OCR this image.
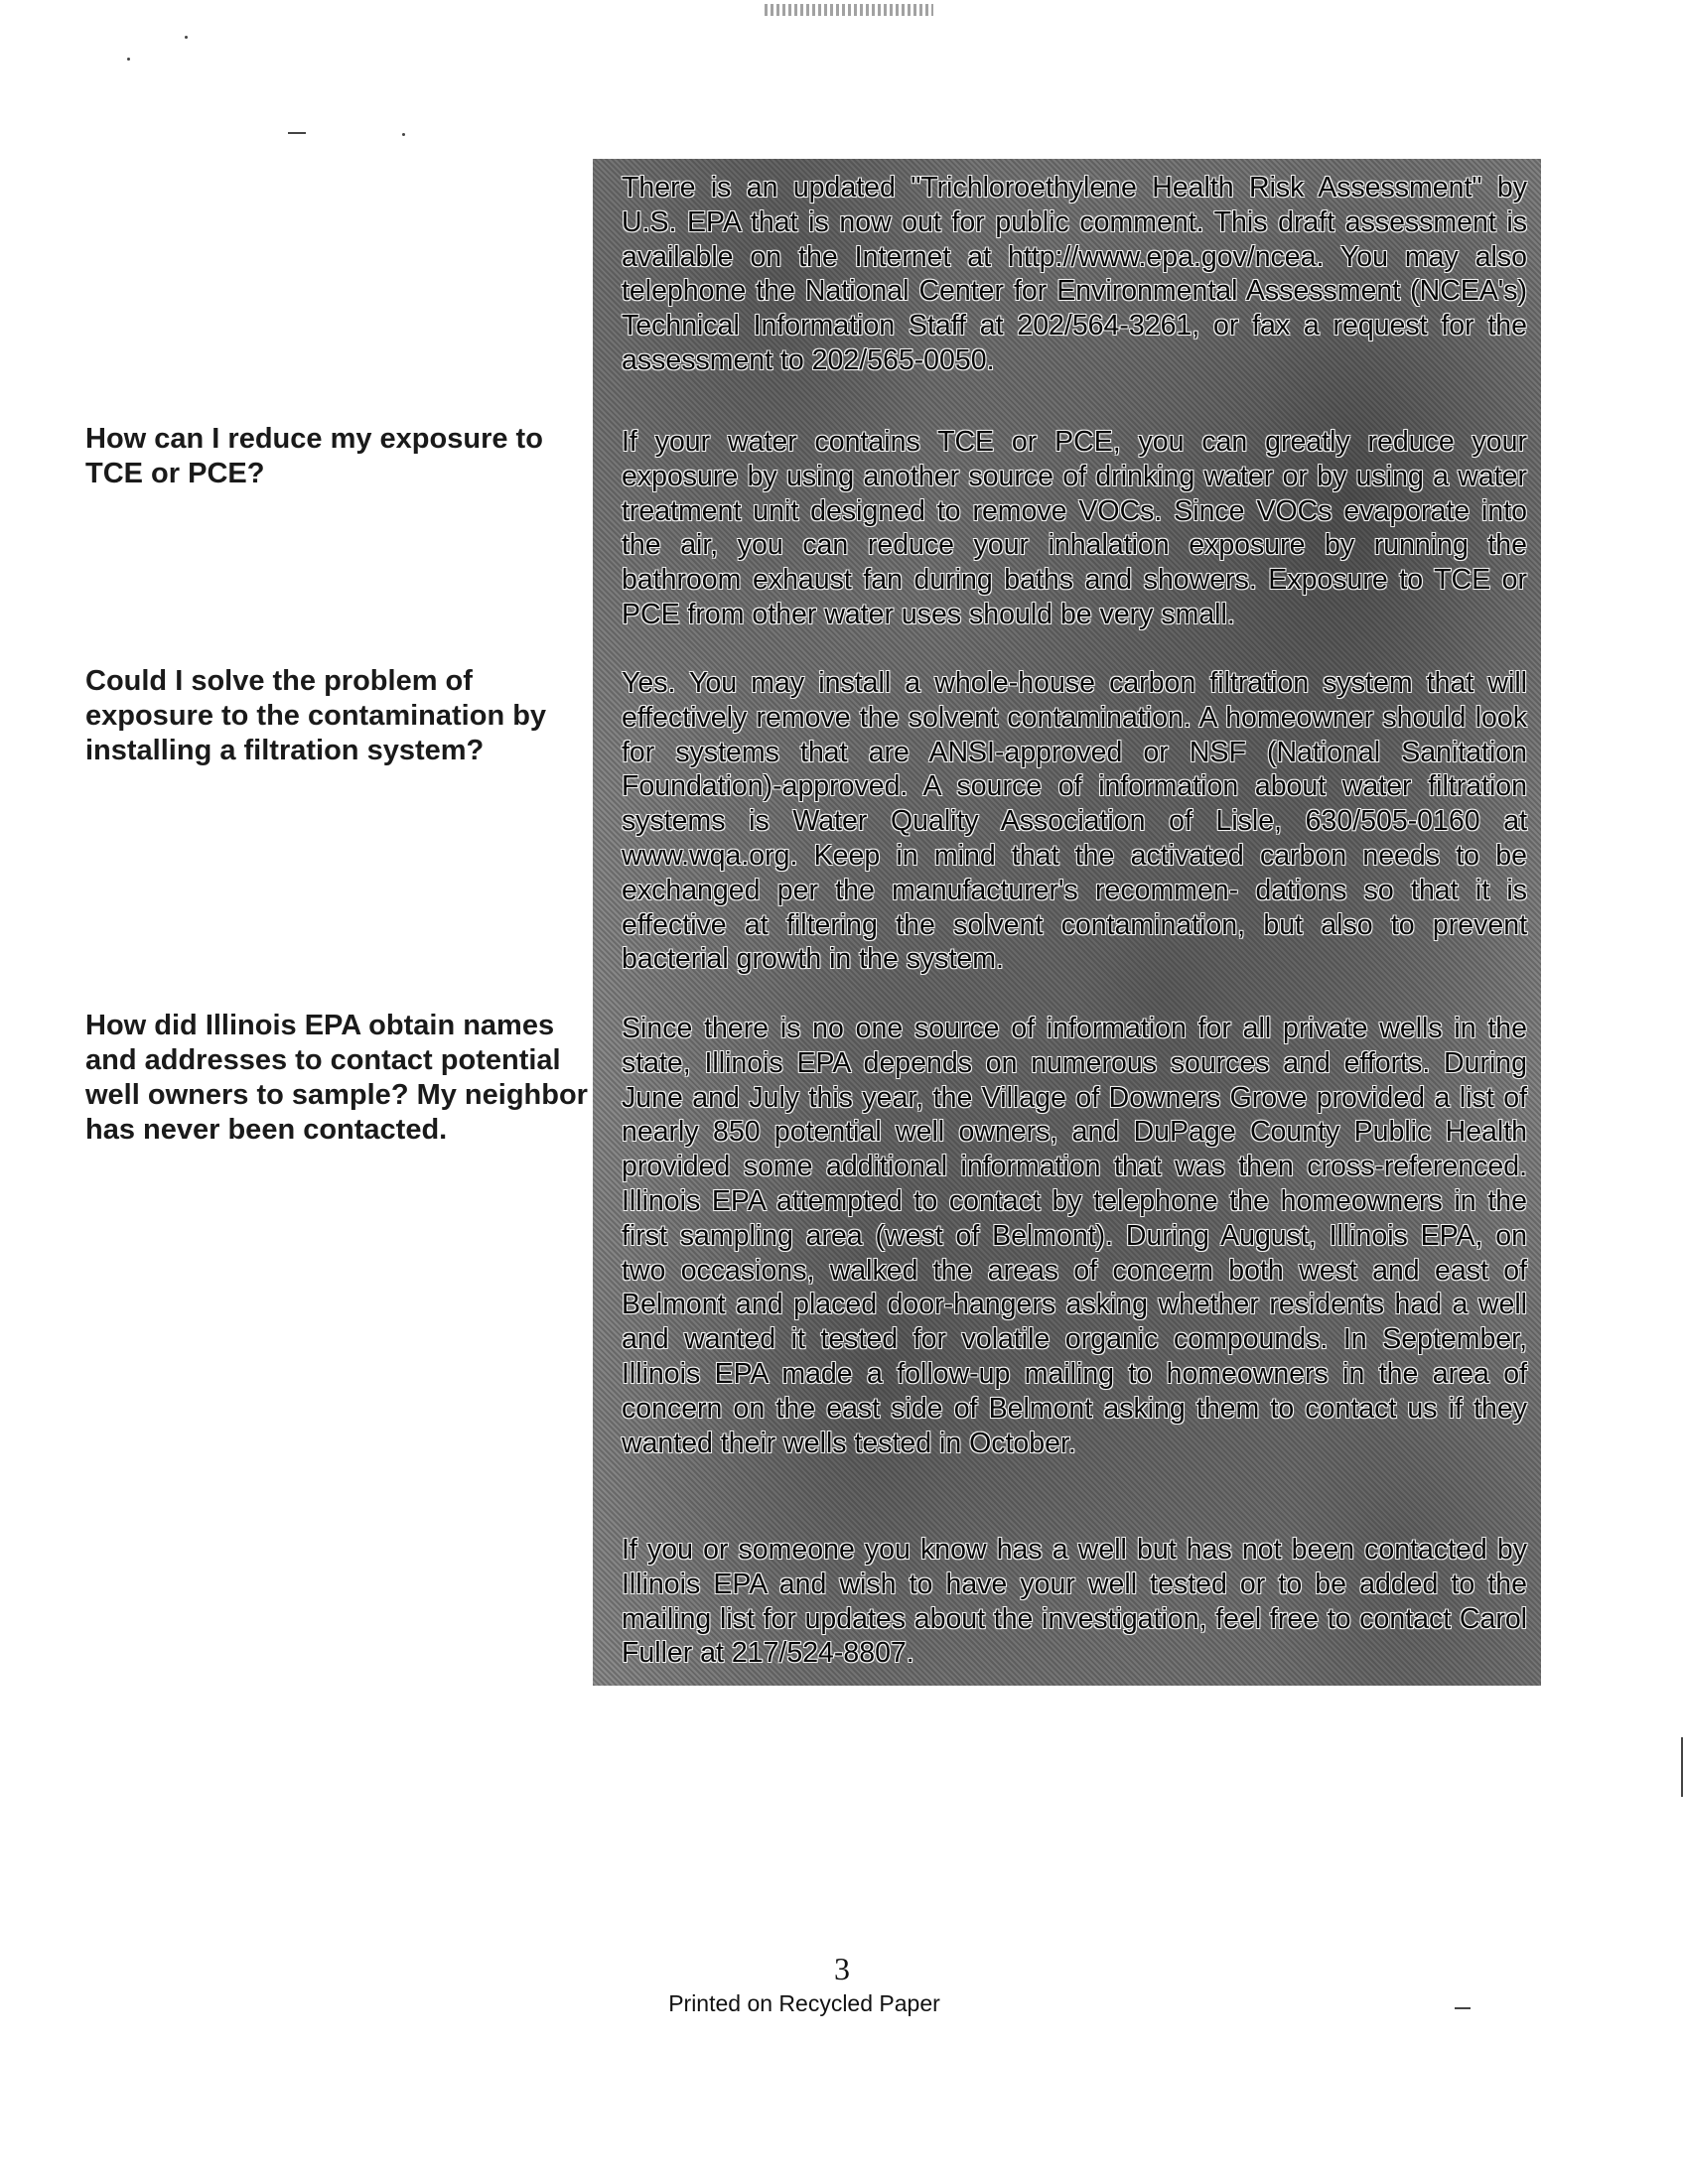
How can I reduce my exposure to TCE or PCE?
Could I solve the problem of exposure to the contamination by installing a filtration system?
How did Illinois EPA obtain names and addresses to contact potential well owners to sample? My neighbor has never been contacted.

There is an updated "Trichloroethylene Health Risk Assessment" by U.S. EPA that is now out for public comment. This draft assessment is available on the Internet at http://www.epa.gov/ncea. You may also telephone the National Center for Environmental Assessment (NCEA's) Technical Information Staff at 202/564-3261, or fax a request for the assessment to 202/565-0050.

If your water contains TCE or PCE, you can greatly reduce your exposure by using another source of drinking water or by using a water treatment unit designed to remove VOCs. Since VOCs evaporate into the air, you can reduce your inhalation exposure by running the bathroom exhaust fan during baths and showers. Exposure to TCE or PCE from other water uses should be very small.

Yes. You may install a whole-house carbon filtration system that will effectively remove the solvent contamination. A homeowner should look for systems that are ANSI-approved or NSF (National Sanitation Foundation)-approved. A source of information about water filtration systems is Water Quality Association of Lisle, 630/505-0160 at www.wqa.org. Keep in mind that the activated carbon needs to be exchanged per the manufacturer's recommen- dations so that it is effective at filtering the solvent contamination, but also to prevent bacterial growth in the system.

Since there is no one source of information for all private wells in the state, Illinois EPA depends on numerous sources and efforts. During June and July this year, the Village of Downers Grove provided a list of nearly 850 potential well owners, and DuPage County Public Health provided some additional information that was then cross-referenced. Illinois EPA attempted to contact by telephone the homeowners in the first sampling area (west of Belmont). During August, Illinois EPA, on two occasions, walked the areas of concern both west and east of Belmont and placed door-hangers asking whether residents had a well and wanted it tested for volatile organic compounds. In September, Illinois EPA made a follow-up mailing to homeowners in the area of concern on the east side of Belmont asking them to contact us if they wanted their wells tested in October.

If you or someone you know has a well but has not been contacted by Illinois EPA and wish to have your well tested or to be added to the mailing list for updates about the investigation, feel free to contact Carol Fuller at 217/524-8807.

3
Printed on Recycled Paper
